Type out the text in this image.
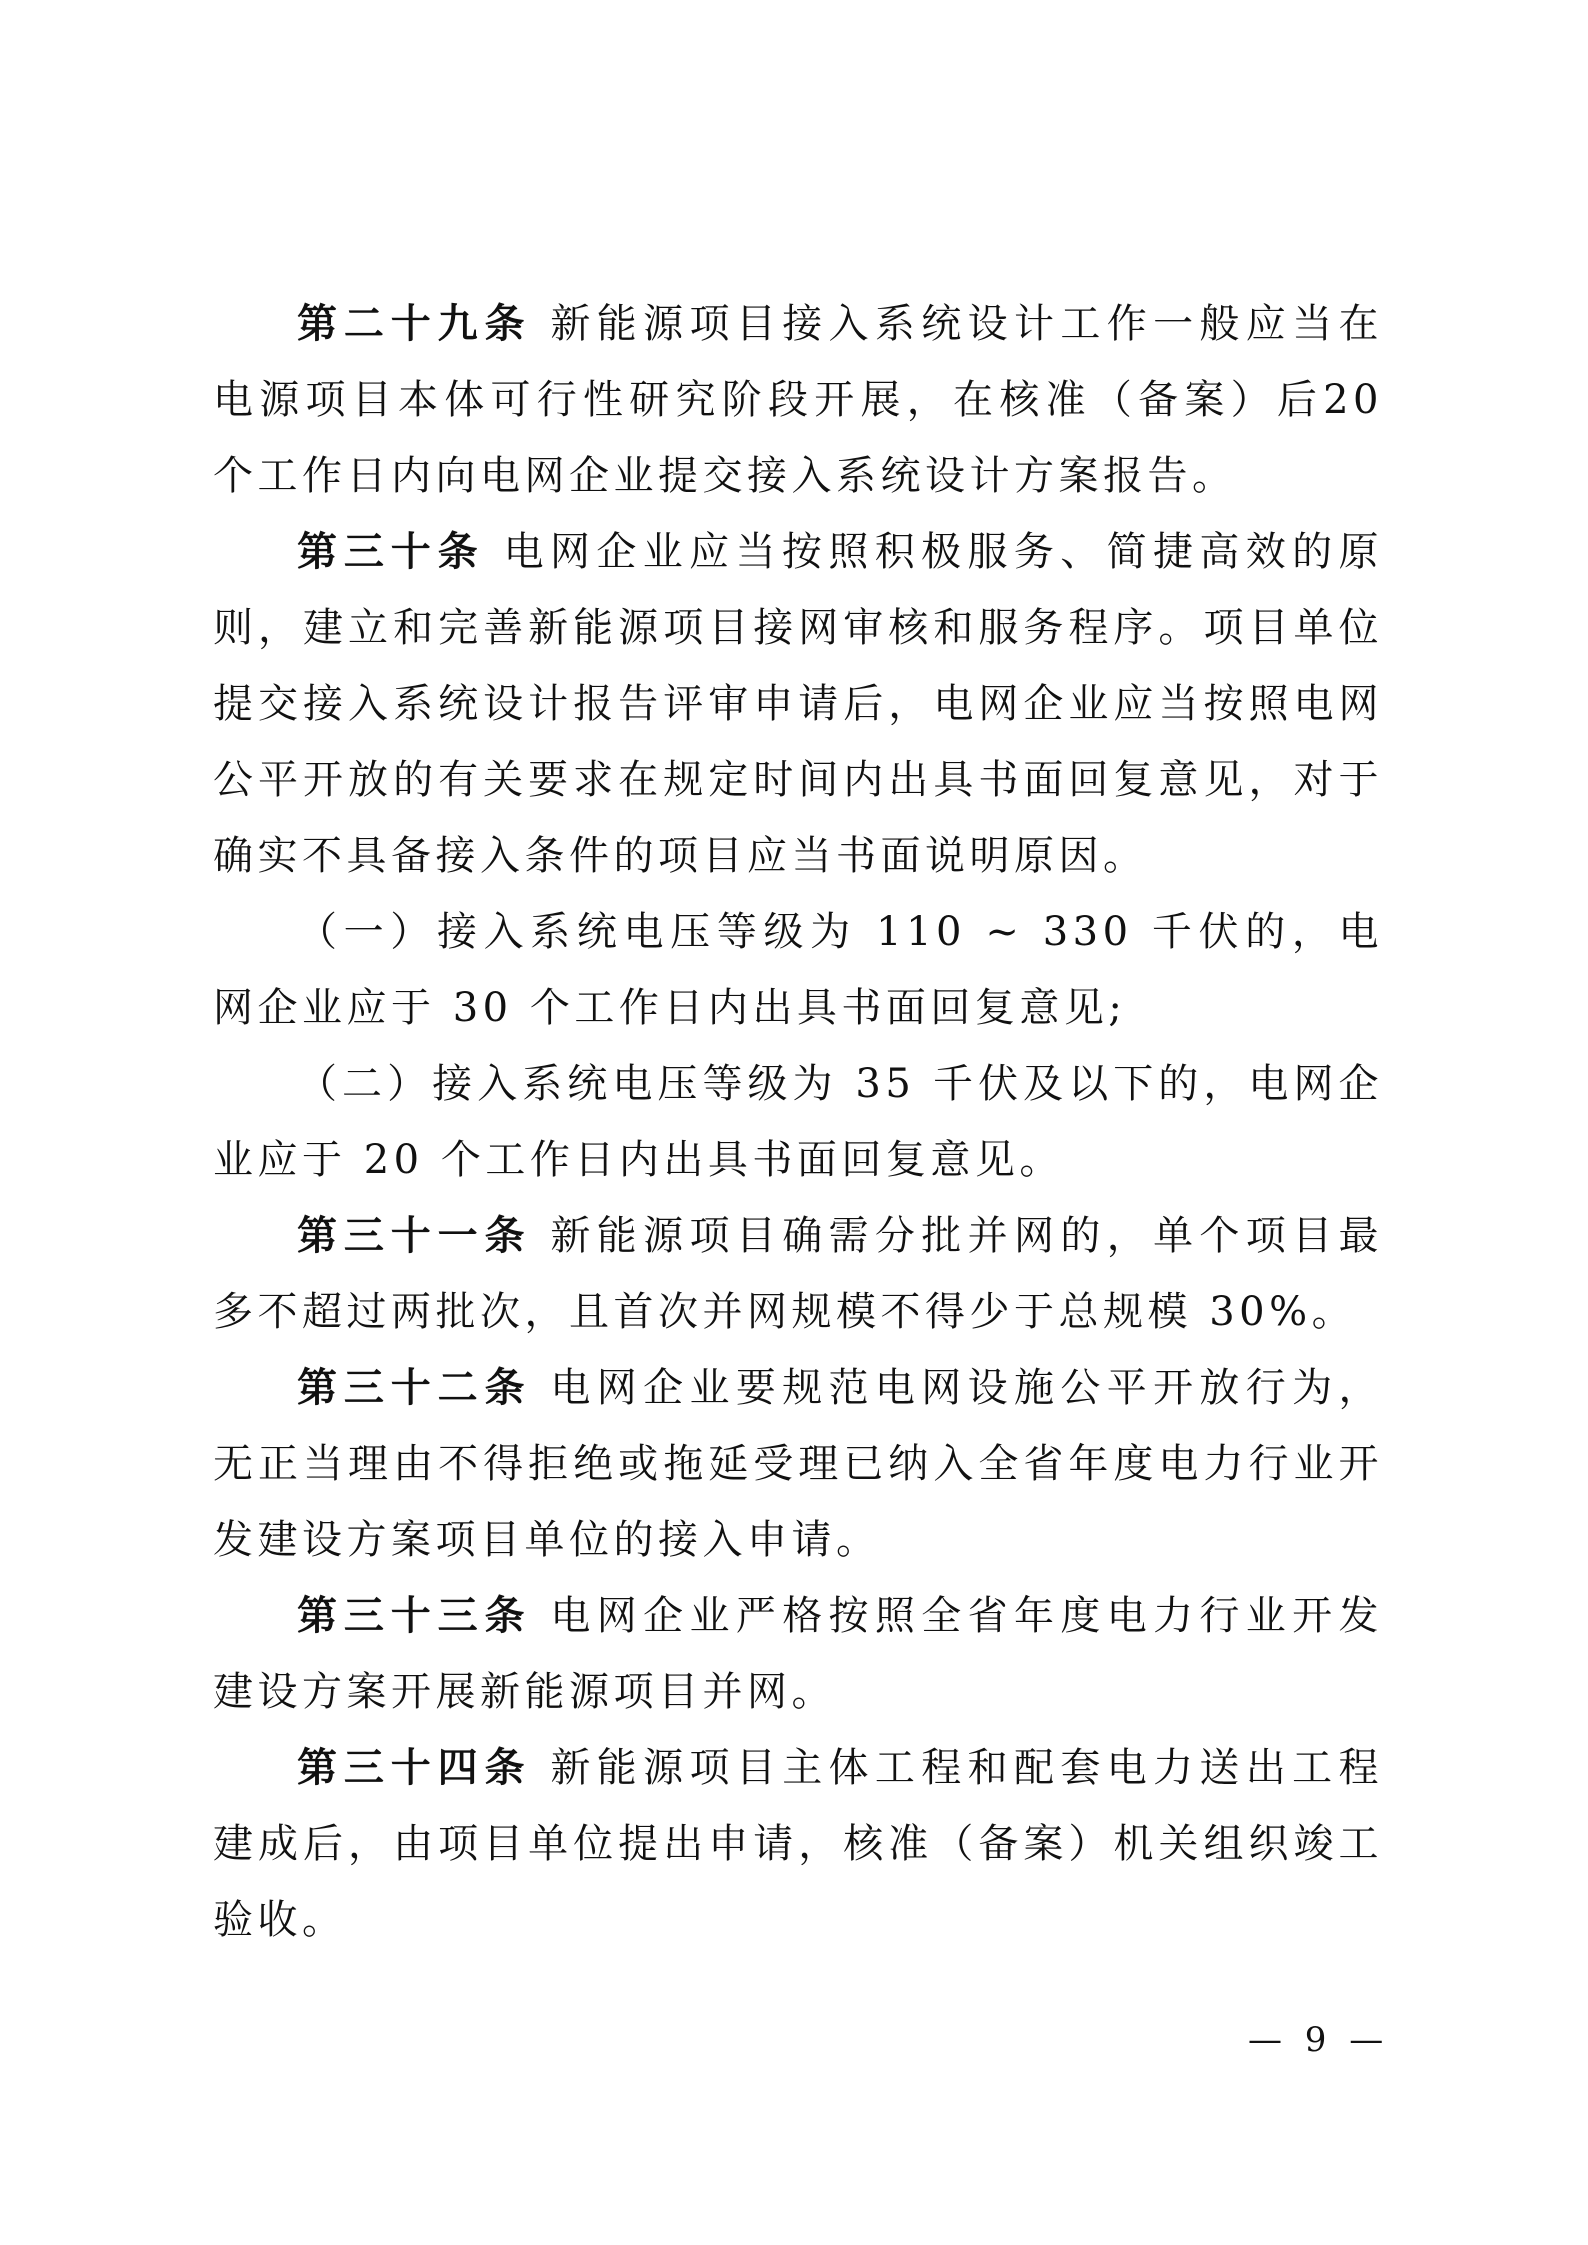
第二十九条 新能源项目接入系统设计工作一般应当在电源项目本体可行性研究阶段开展，在核准（备案）后20个工作日内向电网企业提交接入系统设计方案报告。

第三十条 电网企业应当按照积极服务、简捷高效的原则，建立和完善新能源项目接网审核和服务程序。项目单位提交接入系统设计报告评审申请后，电网企业应当按照电网公平开放的有关要求在规定时间内出具书面回复意见，对于确实不具备接入条件的项目应当书面说明原因。

（一）接入系统电压等级为 110 ~ 330 千伏的，电网企业应于 30 个工作日内出具书面回复意见;

（二）接入系统电压等级为 35 千伏及以下的，电网企业应于 20 个工作日内出具书面回复意见。

第三十一条 新能源项目确需分批并网的，单个项目最多不超过两批次，且首次并网规模不得少于总规模 30%。

第三十二条 电网企业要规范电网设施公平开放行为，无正当理由不得拒绝或拖延受理已纳入全省年度电力行业开发建设方案项目单位的接入申请。

第三十三条 电网企业严格按照全省年度电力行业开发建设方案开展新能源项目并网。

第三十四条 新能源项目主体工程和配套电力送出工程建成后，由项目单位提出申请，核准（备案）机关组织竣工验收。

— 9 —
